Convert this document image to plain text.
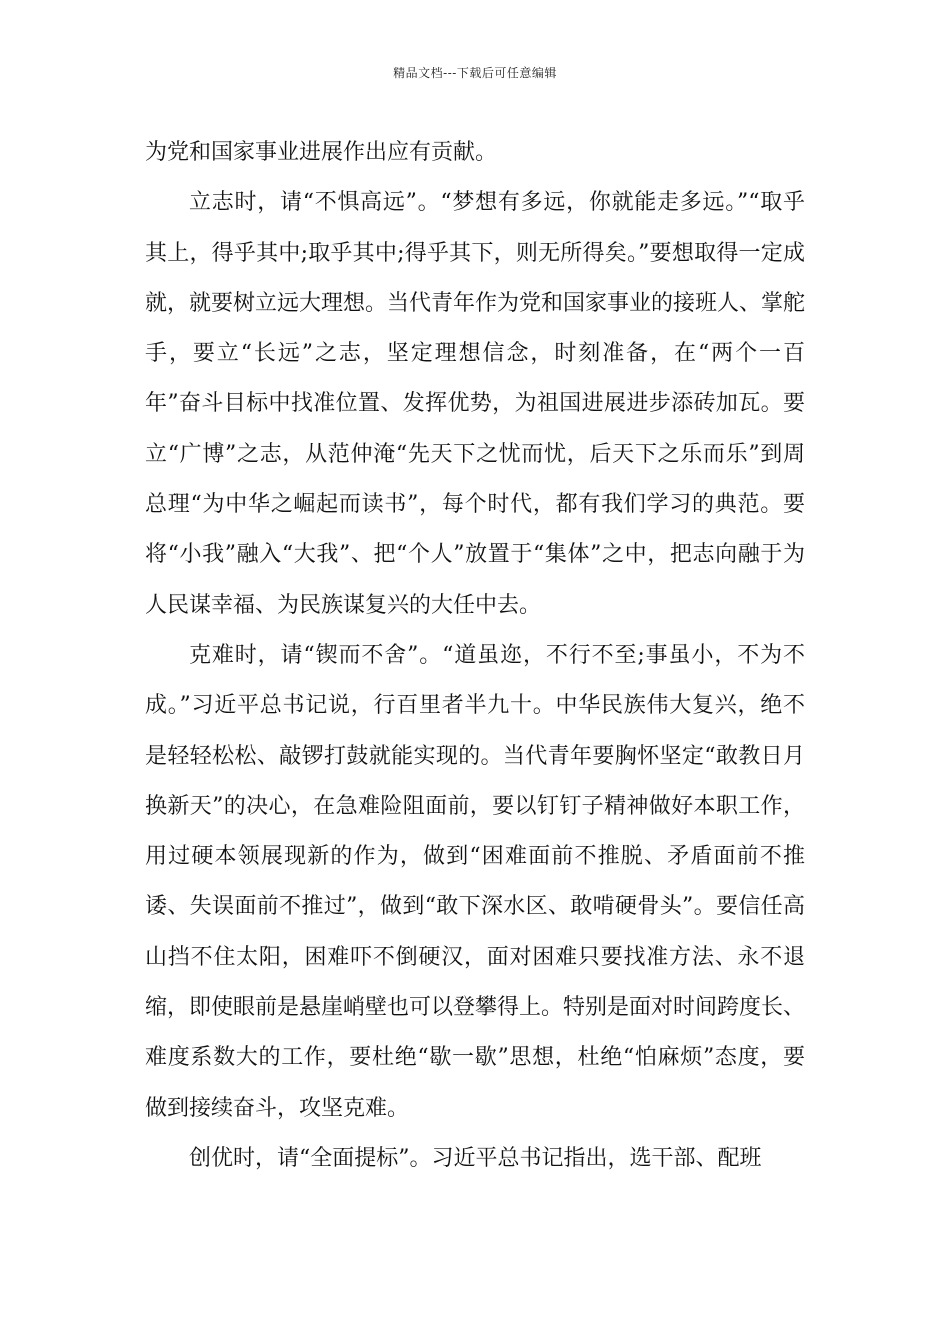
精品文档---下载后可任意编辑

为党和国家事业进展作出应有贡献。

立志时，请“不惧高远”。“梦想有多远，你就能走多远。”“取乎其上，得乎其中;取乎其中;得乎其下，则无所得矣。”要想取得一定成就，就要树立远大理想。当代青年作为党和国家事业的接班人、掌舵手，要立“长远”之志，坚定理想信念，时刻准备，在“两个一百年”奋斗目标中找准位置、发挥优势，为祖国进展进步添砖加瓦。要立“广博”之志，从范仲淹“先天下之忧而忧，后天下之乐而乐”到周总理“为中华之崛起而读书”，每个时代，都有我们学习的典范。要将“小我”融入“大我”、把“个人”放置于“集体”之中，把志向融于为人民谋幸福、为民族谋复兴的大任中去。

克难时，请“锲而不舍”。“道虽迩，不行不至;事虽小，不为不成。”习近平总书记说，行百里者半九十。中华民族伟大复兴，绝不是轻轻松松、敲锣打鼓就能实现的。当代青年要胸怀坚定“敢教日月换新天”的决心，在急难险阻面前，要以钉钉子精神做好本职工作，用过硬本领展现新的作为，做到“困难面前不推脱、矛盾面前不推诿、失误面前不推过”，做到“敢下深水区、敢啃硬骨头”。要信任高山挡不住太阳，困难吓不倒硬汉，面对困难只要找准方法、永不退缩，即使眼前是悬崖峭壁也可以登攀得上。特别是面对时间跨度长、难度系数大的工作，要杜绝“歇一歇”思想，杜绝“怕麻烦”态度，要做到接续奋斗，攻坚克难。

创优时，请“全面提标”。习近平总书记指出，选干部、配班
